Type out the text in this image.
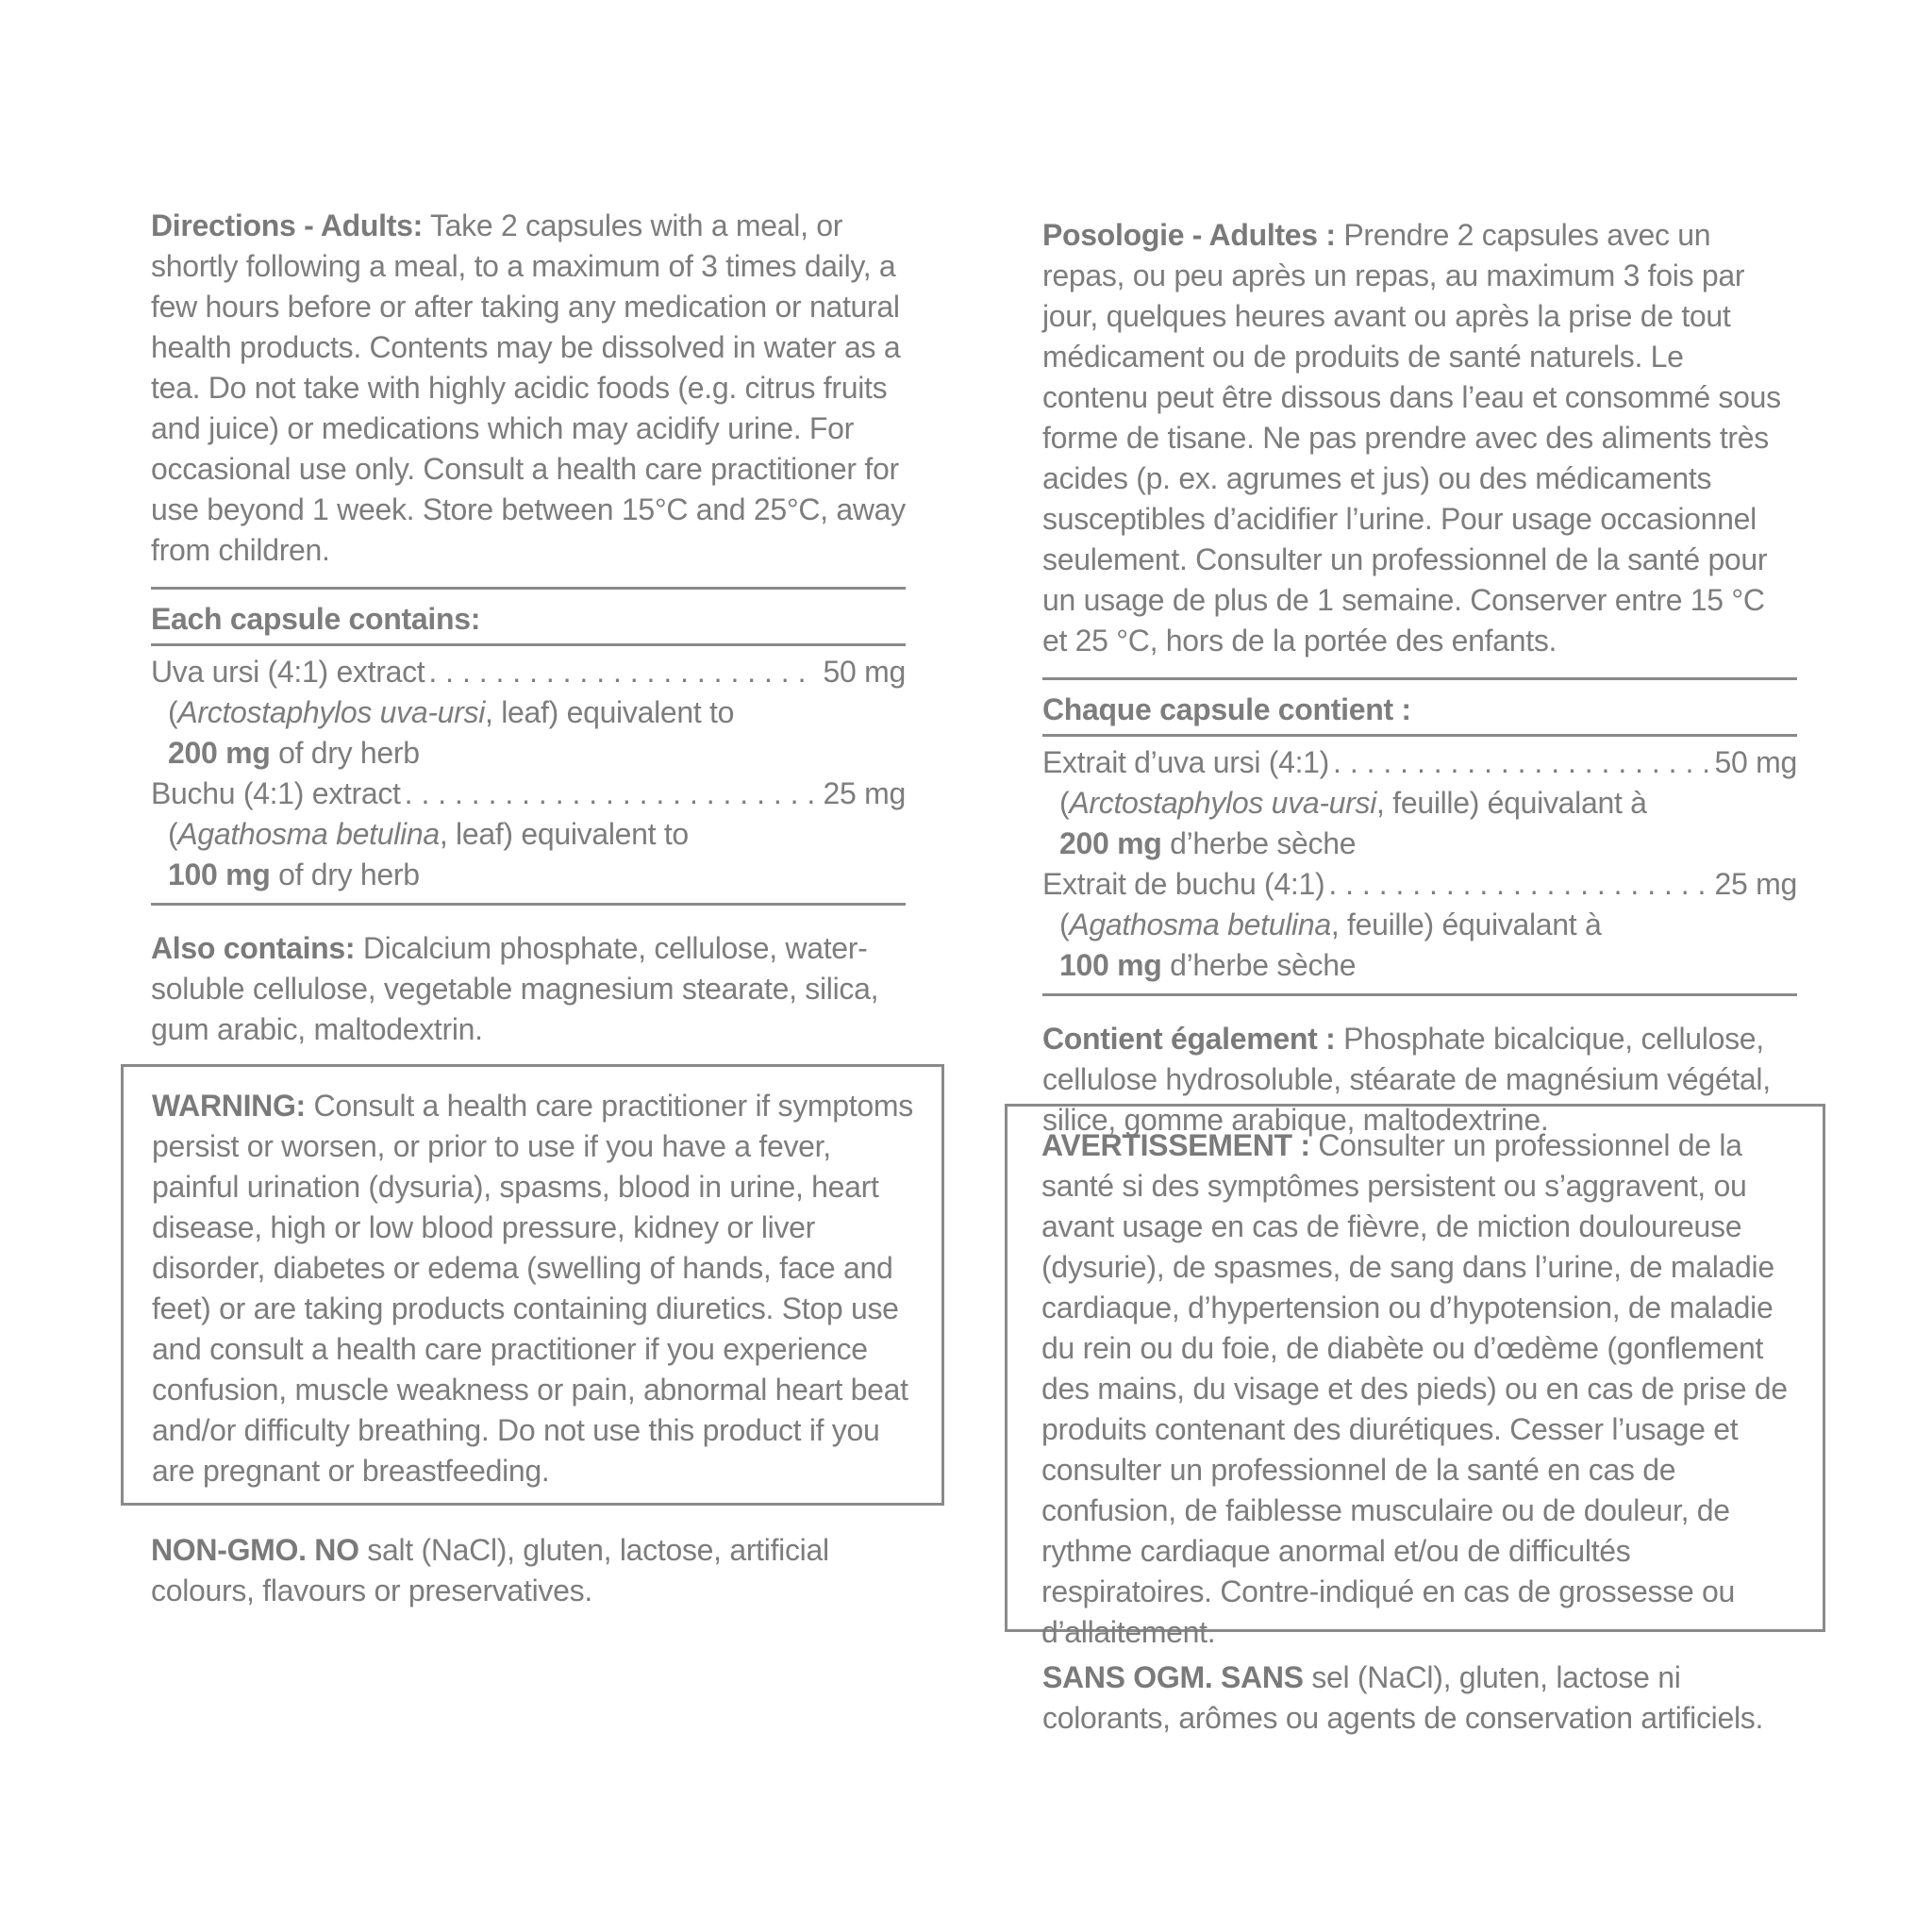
Directions - Adults: Take 2 capsules with a meal, or shortly following a meal, to a maximum of 3 times daily, a few hours before or after taking any medication or natural health products. Contents may be dissolved in water as a tea. Do not take with highly acidic foods (e.g. citrus fruits and juice) or medications which may acidify urine. For occasional use only. Consult a health care practitioner for use beyond 1 week. Store between 15°C and 25°C, away from children.

Each capsule contains:
Uva ursi (4:1) extract . . .	50 mg
(Arctostaphylos uva-ursi, leaf) equivalent to
200 mg of dry herb
Buchu (4:1) extract . . .	25 mg
(Agathosma betulina, leaf) equivalent to
100 mg of dry herb

Also contains: Dicalcium phosphate, cellulose, water-soluble cellulose, vegetable magnesium stearate, silica, gum arabic, maltodextrin.

WARNING: Consult a health care practitioner if symptoms persist or worsen, or prior to use if you have a fever, painful urination (dysuria), spasms, blood in urine, heart disease, high or low blood pressure, kidney or liver disorder, diabetes or edema (swelling of hands, face and feet) or are taking products containing diuretics. Stop use and consult a health care practitioner if you experience confusion, muscle weakness or pain, abnormal heart beat and/or difficulty breathing. Do not use this product if you are pregnant or breastfeeding.
NON-GMO. NO salt (NaCl), gluten, lactose, artificial colours, flavours or preservatives.

Posologie - Adultes : Prendre 2 capsules avec un repas, ou peu après un repas, au maximum 3 fois par jour, quelques heures avant ou après la prise de tout médicament ou de produits de santé naturels. Le contenu peut être dissous dans l’eau et consommé sous forme de tisane. Ne pas prendre avec des aliments très acides (p. ex. agrumes et jus) ou des médicaments susceptibles d’acidifier l’urine. Pour usage occasionnel seulement. Consulter un professionnel de la santé pour un usage de plus de 1 semaine. Conserver entre 15 °C et 25 °C, hors de la portée des enfants.

Chaque capsule contient :
Extrait d’uva ursi (4:1) . . .	50 mg
(Arctostaphylos uva-ursi, feuille) équivalant à
200 mg d’herbe sèche
Extrait de buchu (4:1) . . .	25 mg
(Agathosma betulina, feuille) équivalant à
100 mg d’herbe sèche

Contient également : Phosphate bicalcique, cellulose, cellulose hydrosoluble, stéarate de magnésium végétal, silice, gomme arabique, maltodextrine.

AVERTISSEMENT : Consulter un professionnel de la santé si des symptômes persistent ou s’aggravent, ou avant usage en cas de fièvre, de miction douloureuse (dysurie), de spasmes, de sang dans l’urine, de maladie cardiaque, d’hypertension ou d’hypotension, de maladie du rein ou du foie, de diabète ou d’œdème (gonflement des mains, du visage et des pieds) ou en cas de prise de produits contenant des diurétiques. Cesser l’usage et consulter un professionnel de la santé en cas de confusion, de faiblesse musculaire ou de douleur, de rythme cardiaque anormal et/ou de difficultés respiratoires. Contre-indiqué en cas de grossesse ou d’allaitement.
SANS OGM. SANS sel (NaCl), gluten, lactose ni colorants, arômes ou agents de conservation artificiels.
